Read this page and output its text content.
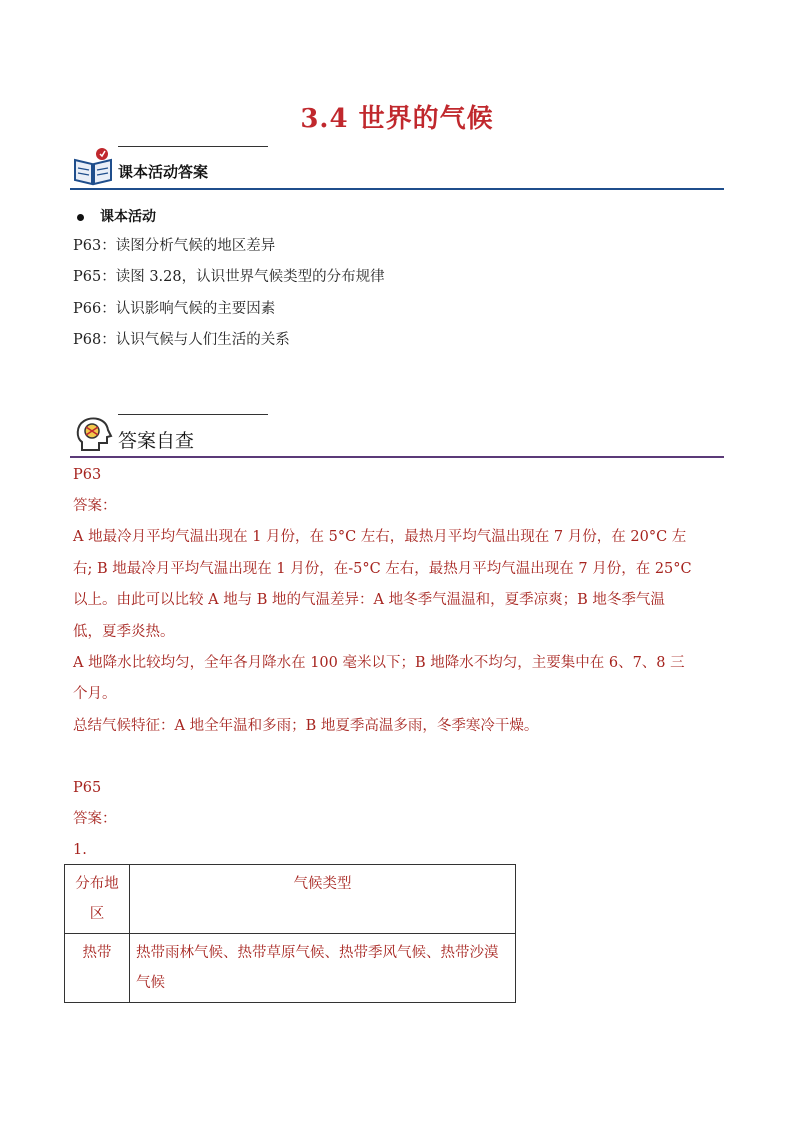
3.4 世界的气候
课本活动答案
课本活动
P63：读图分析气候的地区差异
P65：读图 3.28，认识世界气候类型的分布规律
P66：认识影响气候的主要因素
P68：认识气候与人们生活的关系
答案自查
P63
答案：
A 地最冷月平均气温出现在 1 月份，在 5°C 左右，最热月平均气温出现在 7 月份，在 20°C 左
右; B 地最冷月平均气温出现在 1 月份，在-5°C 左右，最热月平均气温出现在 7 月份，在 25°C
以上。由此可以比较 A 地与 B 地的气温差异：A 地冬季气温温和，夏季凉爽；B 地冬季气温
低，夏季炎热。
A 地降水比较均匀，全年各月降水在 100 毫米以下；B 地降水不均匀，主要集中在 6、7、8 三
个月。
总结气候特征：A 地全年温和多雨；B 地夏季高温多雨，冬季寒冷干燥。
P65
答案：
1.
分布地区	气候类型
热带	热带雨林气候、热带草原气候、热带季风气候、热带沙漠气候
